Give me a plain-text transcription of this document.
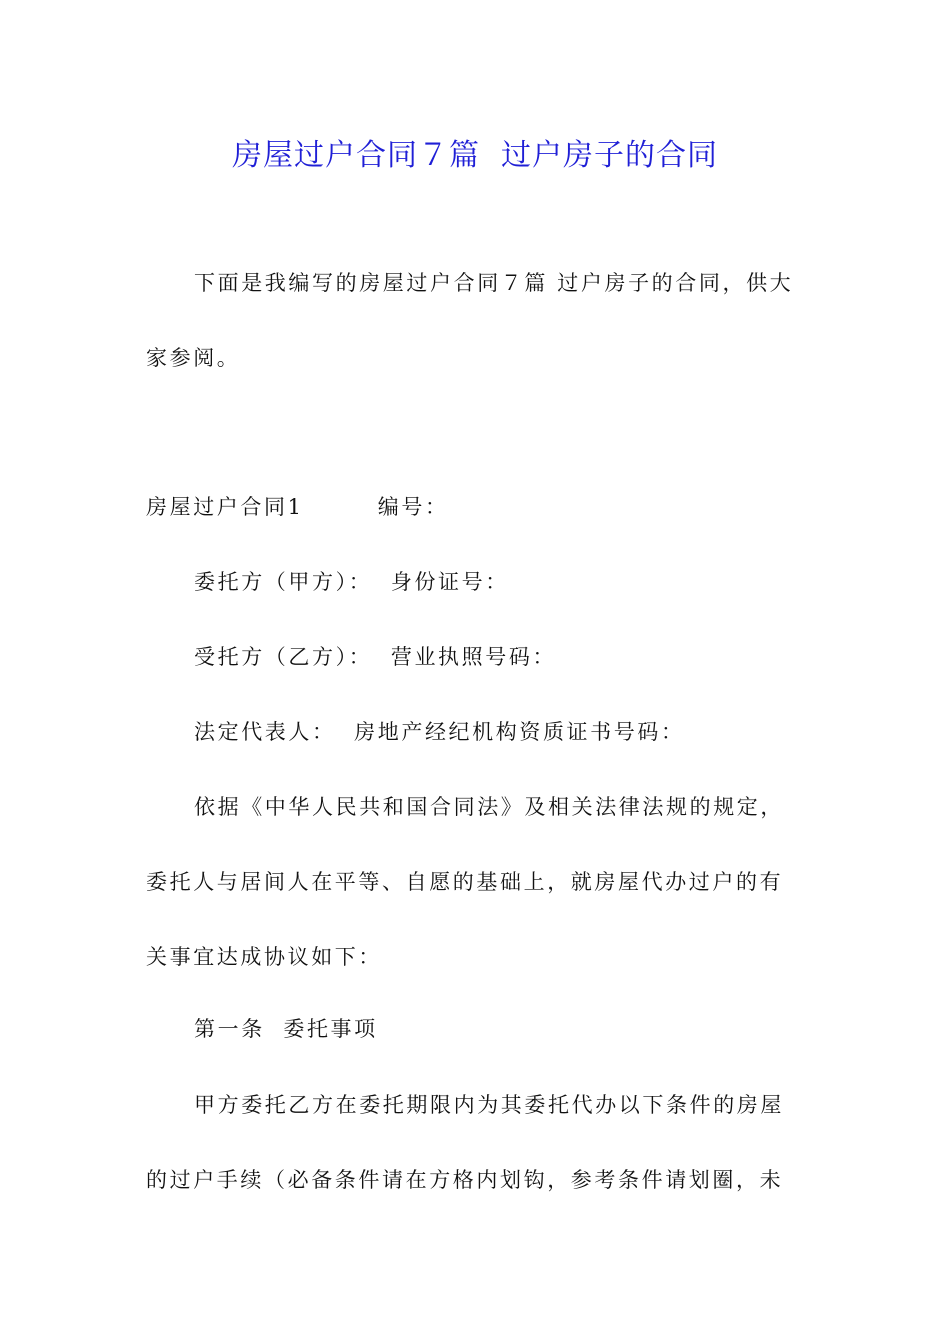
房屋过户合同７篇  过户房子的合同

下面是我编写的房屋过户合同７篇 过户房子的合同，供大家参阅。

房屋过户合同1        编号：

委托方（甲方）：  身份证号：

受托方（乙方）：  营业执照号码：

法定代表人：  房地产经纪机构资质证书号码：

依据《中华人民共和国合同法》及相关法律法规的规定，委托人与居间人在平等、自愿的基础上，就房屋代办过户的有关事宜达成协议如下：

第一条  委托事项

甲方委托乙方在委托期限内为其委托代办以下条件的房屋的过户手续（必备条件请在方格内划钩，参考条件请划圈，未
